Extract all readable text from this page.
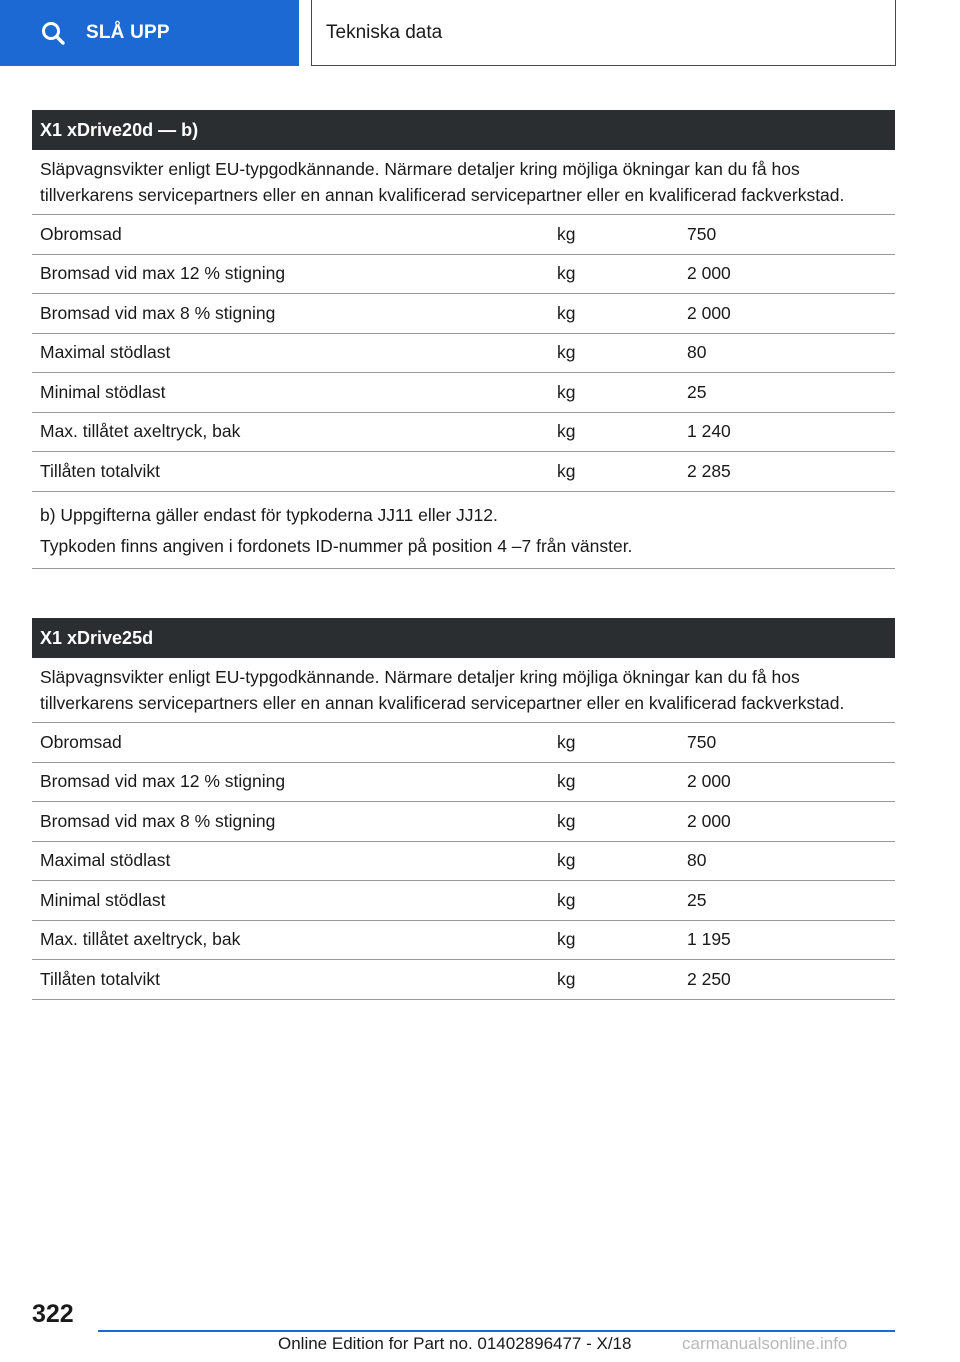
SLÅ UPP	Tekniska data
X1 xDrive20d — b)
Släpvagnsvikter enligt EU-typgodkännande. Närmare detaljer kring möjliga ökningar kan du få hos tillverkarens servicepartners eller en annan kvalificerad servicepartner eller en kvalificerad fackverkstad.
Obromsad	kg	750
Bromsad vid max 12 % stigning	kg	2 000
Bromsad vid max 8 % stigning	kg	2 000
Maximal stödlast	kg	80
Minimal stödlast	kg	25
Max. tillåtet axeltryck, bak	kg	1 240
Tillåten totalvikt	kg	2 285
b) Uppgifterna gäller endast för typkoderna JJ11 eller JJ12.
Typkoden finns angiven i fordonets ID-nummer på position 4 –7 från vänster.
X1 xDrive25d
Släpvagnsvikter enligt EU-typgodkännande. Närmare detaljer kring möjliga ökningar kan du få hos tillverkarens servicepartners eller en annan kvalificerad servicepartner eller en kvalificerad fackverkstad.
Obromsad	kg	750
Bromsad vid max 12 % stigning	kg	2 000
Bromsad vid max 8 % stigning	kg	2 000
Maximal stödlast	kg	80
Minimal stödlast	kg	25
Max. tillåtet axeltryck, bak	kg	1 195
Tillåten totalvikt	kg	2 250
322
Online Edition for Part no. 01402896477 - X/18	carmanualsonline.info
